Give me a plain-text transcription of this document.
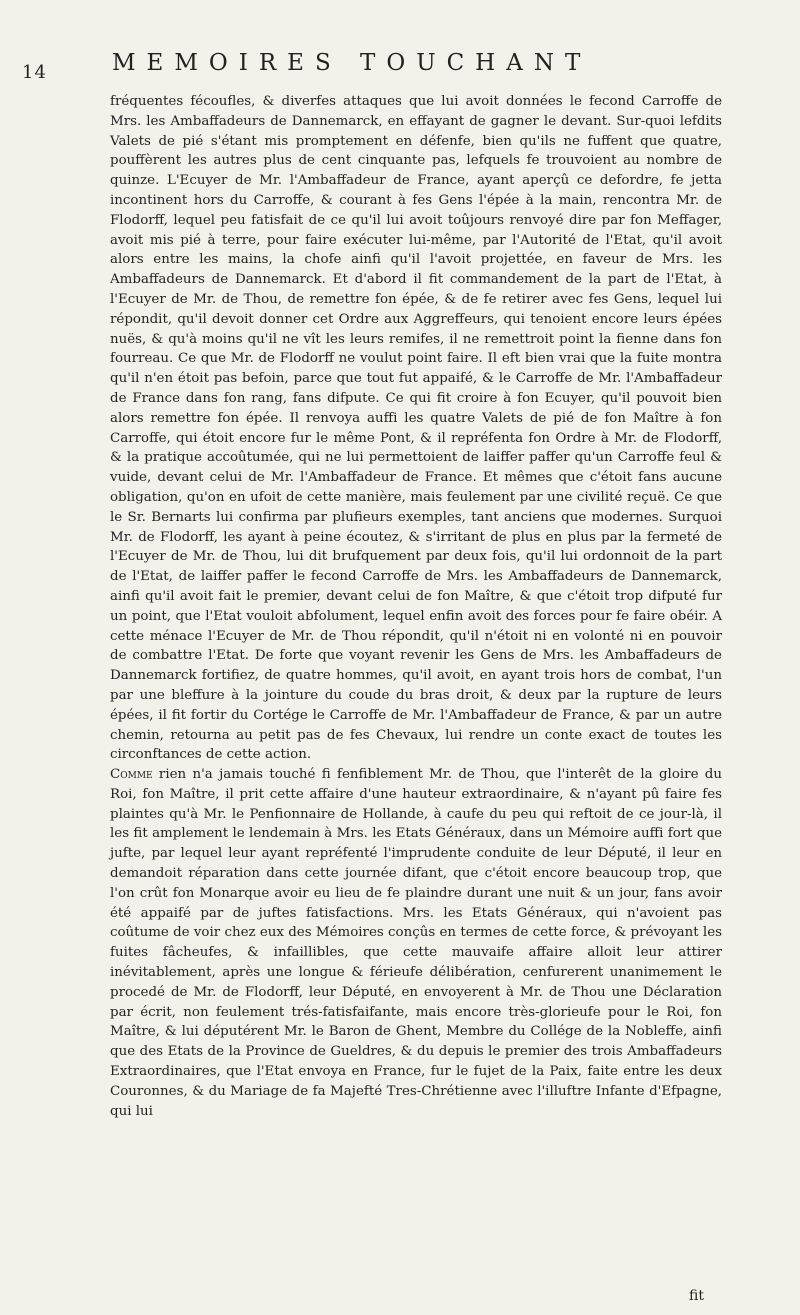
14	MEMOIRES TOUCHANT

fréquentes fécoufles, & diverfes attaques que lui avoit données le fecond Carroffe de Mrs. les Ambaffadeurs de Dannemarck, en effayant de gagner le devant. Sur-quoi lefdits Valets de pié s'étant mis promptement en défenfe, bien qu'ils ne fuffent que quatre, pouffèrent les autres plus de cent cinquante pas, lefquels fe trouvoient au nombre de quinze. L'Ecuyer de Mr. l'Ambaffadeur de France, ayant aperçû ce defordre, fe jetta incontinent hors du Carroffe, & courant à fes Gens l'épée à la main, rencontra Mr. de Flodorff, lequel peu fatisfait de ce qu'il lui avoit toûjours renvoyé dire par fon Meffager, avoit mis pié à terre, pour faire exécuter lui-même, par l'Autorité de l'Etat, qu'il avoit alors entre les mains, la chofe ainfi qu'il l'avoit projettée, en faveur de Mrs. les Ambaffadeurs de Dannemarck. Et d'abord il fit commandement de la part de l'Etat, à l'Ecuyer de Mr. de Thou, de remettre fon épée, & de fe retirer avec fes Gens, lequel lui répondit, qu'il devoit donner cet Ordre aux Aggreffeurs, qui tenoient encore leurs épées nuës, & qu'à moins qu'il ne vît les leurs remifes, il ne remettroit point la fienne dans fon fourreau. Ce que Mr. de Flodorff ne voulut point faire. Il eft bien vrai que la fuite montra qu'il n'en étoit pas befoin, parce que tout fut appaifé, & le Carroffe de Mr. l'Ambaffadeur de France dans fon rang, fans difpute. Ce qui fit croire à fon Ecuyer, qu'il pouvoit bien alors remettre fon épée. Il renvoya auffi les quatre Valets de pié de fon Maître à fon Carroffe, qui étoit encore fur le même Pont, & il repréfenta fon Ordre à Mr. de Flodorff, & la pratique accoûtumée, qui ne lui permettoient de laiffer paffer qu'un Carroffe feul & vuide, devant celui de Mr. l'Ambaffadeur de France. Et mêmes que c'étoit fans aucune obligation, qu'on en ufoit de cette manière, mais feulement par une civilité reçuë. Ce que le Sr. Bernarts lui confirma par plufieurs exemples, tant anciens que modernes. Surquoi Mr. de Flodorff, les ayant à peine écoutez, & s'irritant de plus en plus par la fermeté de l'Ecuyer de Mr. de Thou, lui dit brufquement par deux fois, qu'il lui ordonnoit de la part de l'Etat, de laiffer paffer le fecond Carroffe de Mrs. les Ambaffadeurs de Dannemarck, ainfi qu'il avoit fait le premier, devant celui de fon Maître, & que c'étoit trop difputé fur un point, que l'Etat vouloit abfolument, lequel enfin avoit des forces pour fe faire obéir. A cette ménace l'Ecuyer de Mr. de Thou répondit, qu'il n'étoit ni en volonté ni en pouvoir de combattre l'Etat. De forte que voyant revenir les Gens de Mrs. les Ambaffadeurs de Dannemarck fortifiez, de quatre hommes, qu'il avoit, en ayant trois hors de combat, l'un par une bleffure à la jointure du coude du bras droit, & deux par la rupture de leurs épées, il fit fortir du Cortége le Carroffe de Mr. l'Ambaffadeur de France, & par un autre chemin, retourna au petit pas de fes Chevaux, lui rendre un conte exact de toutes les circonftances de cette action.

Comme rien n'a jamais touché fi fenfiblement Mr. de Thou, que l'interêt de la gloire du Roi, fon Maître, il prit cette affaire d'une hauteur extraordinaire, & n'ayant pû faire fes plaintes qu'à Mr. le Penfionnaire de Hollande, à caufe du peu qui reftoit de ce jour-là, il les fit amplement le lendemain à Mrs. les Etats Généraux, dans un Mémoire auffi fort que jufte, par lequel leur ayant repréfenté l'imprudente conduite de leur Député, il leur en demandoit réparation dans cette journée difant, que c'étoit encore beaucoup trop, que l'on crût fon Monarque avoir eu lieu de fe plaindre durant une nuit & un jour, fans avoir été appaifé par de juftes fatisfactions. Mrs. les Etats Généraux, qui n'avoient pas coûtume de voir chez eux des Mémoires conçûs en termes de cette force, & prévoyant les fuites fâcheufes, & infaillibles, que cette mauvaife affaire alloit leur attirer inévitablement, après une longue & férieufe délibération, cenfurerent unanimement le procedé de Mr. de Flodorff, leur Député, en envoyerent à Mr. de Thou une Déclaration par écrit, non feulement trés-fatisfaifante, mais encore très-glorieufe pour le Roi, fon Maître, & lui députérent Mr. le Baron de Ghent, Membre du Collége de la Nobleffe, ainfi que des Etats de la Province de Gueldres, & du depuis le premier des trois Ambaffadeurs Extraordinaires, que l'Etat envoya en France, fur le fujet de la Paix, faite entre les deux Couronnes, & du Mariage de fa Majefté Tres-Chrétienne avec l'illuftre Infante d'Efpagne, qui lui

fit
